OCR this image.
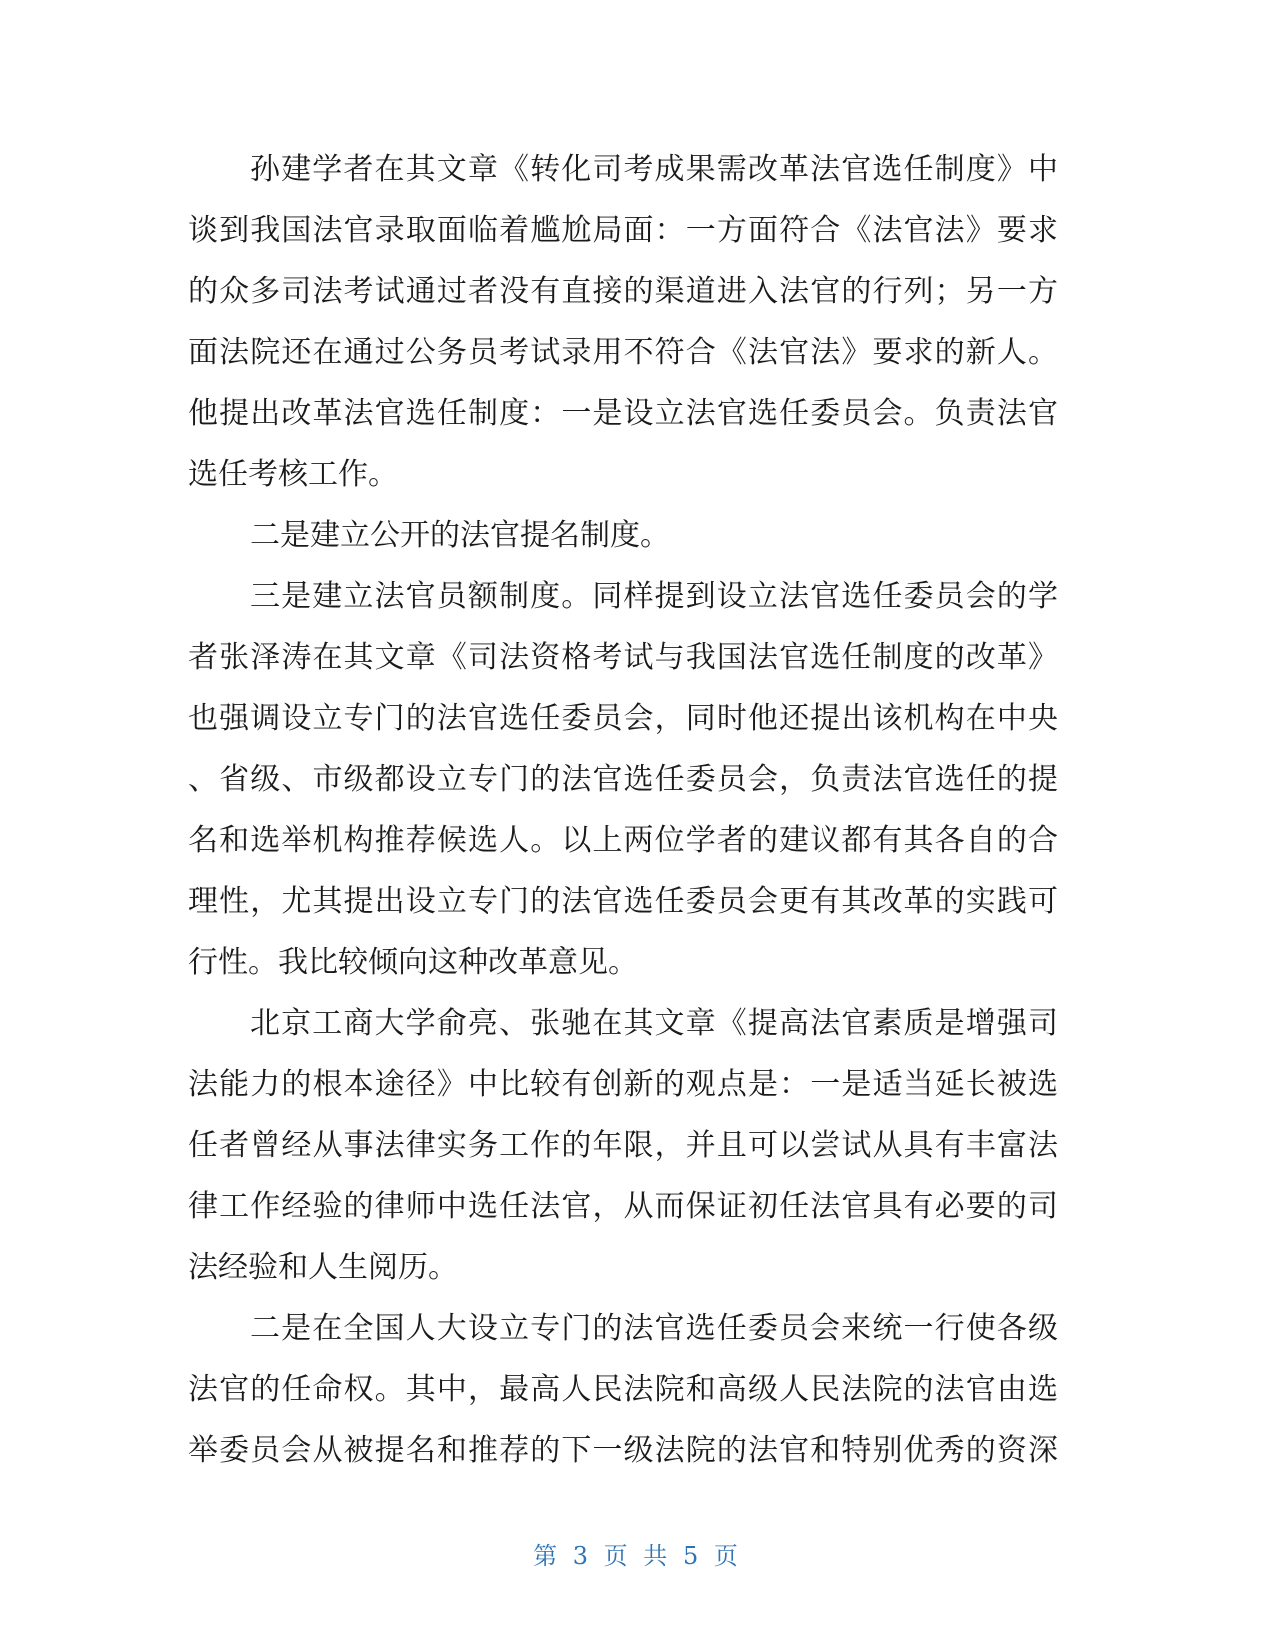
孙建学者在其文章《转化司考成果需改革法官选任制度》中
谈到我国法官录取面临着尴尬局面：一方面符合《法官法》要求
的众多司法考试通过者没有直接的渠道进入法官的行列；另一方
面法院还在通过公务员考试录用不符合《法官法》要求的新人。
他提出改革法官选任制度：一是设立法官选任委员会。负责法官
选任考核工作。
二是建立公开的法官提名制度。
三是建立法官员额制度。同样提到设立法官选任委员会的学
者张泽涛在其文章《司法资格考试与我国法官选任制度的改革》
也强调设立专门的法官选任委员会，同时他还提出该机构在中央
、省级、市级都设立专门的法官选任委员会，负责法官选任的提
名和选举机构推荐候选人。以上两位学者的建议都有其各自的合
理性，尤其提出设立专门的法官选任委员会更有其改革的实践可
行性。我比较倾向这种改革意见。
北京工商大学俞亮、张驰在其文章《提高法官素质是增强司
法能力的根本途径》中比较有创新的观点是：一是适当延长被选
任者曾经从事法律实务工作的年限，并且可以尝试从具有丰富法
律工作经验的律师中选任法官，从而保证初任法官具有必要的司
法经验和人生阅历。
二是在全国人大设立专门的法官选任委员会来统一行使各级
法官的任命权。其中，最高人民法院和高级人民法院的法官由选
举委员会从被提名和推荐的下一级法院的法官和特别优秀的资深
第 3 页 共 5 页
